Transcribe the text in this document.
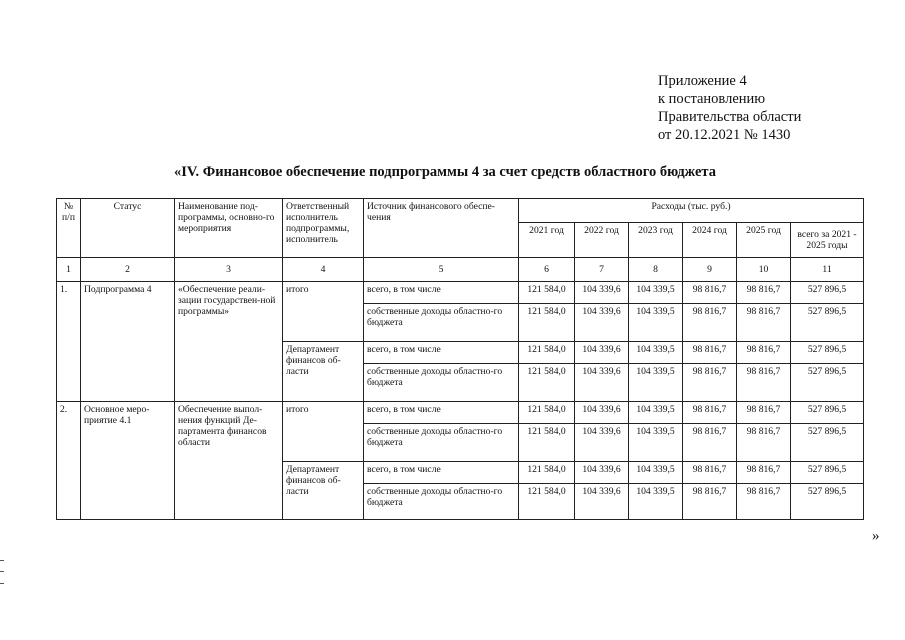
Приложение 4
к постановлению
Правительства области
от 20.12.2021 № 1430
«IV. Финансовое обеспечение подпрограммы 4 за счет средств областного бюджета
№ п/п	Статус	Наименование под-программы, основно-го мероприятия	Ответственный исполнитель подпрограммы, исполнитель	Источник финансового обеспе-чения	Расходы (тыс. руб.)					
					2021 год	2022 год	2023 год	2024 год	2025 год	всего за 2021 - 2025 годы
1	2	3	4	5	6	7	8	9	10	11
1.	Подпрограмма 4	«Обеспечение реали-зации государствен-ной программы»	итого	всего, в том числе	121 584,0	104 339,6	104 339,5	98 816,7	98 816,7	527 896,5
				собственные доходы областно-го бюджета	121 584,0	104 339,6	104 339,5	98 816,7	98 816,7	527 896,5
			Департамент финансов об-ласти	всего, в том числе	121 584,0	104 339,6	104 339,5	98 816,7	98 816,7	527 896,5
				собственные доходы областно-го бюджета	121 584,0	104 339,6	104 339,5	98 816,7	98 816,7	527 896,5
2.	Основное меро-приятие 4.1	Обеспечение выпол-нения функций Де-партамента финансов области	итого	всего, в том числе	121 584,0	104 339,6	104 339,5	98 816,7	98 816,7	527 896,5
				собственные доходы областно-го бюджета	121 584,0	104 339,6	104 339,5	98 816,7	98 816,7	527 896,5
			Департамент финансов об-ласти	всего, в том числе	121 584,0	104 339,6	104 339,5	98 816,7	98 816,7	527 896,5
				собственные доходы областно-го бюджета	121 584,0	104 339,6	104 339,5	98 816,7	98 816,7	527 896,5
»
